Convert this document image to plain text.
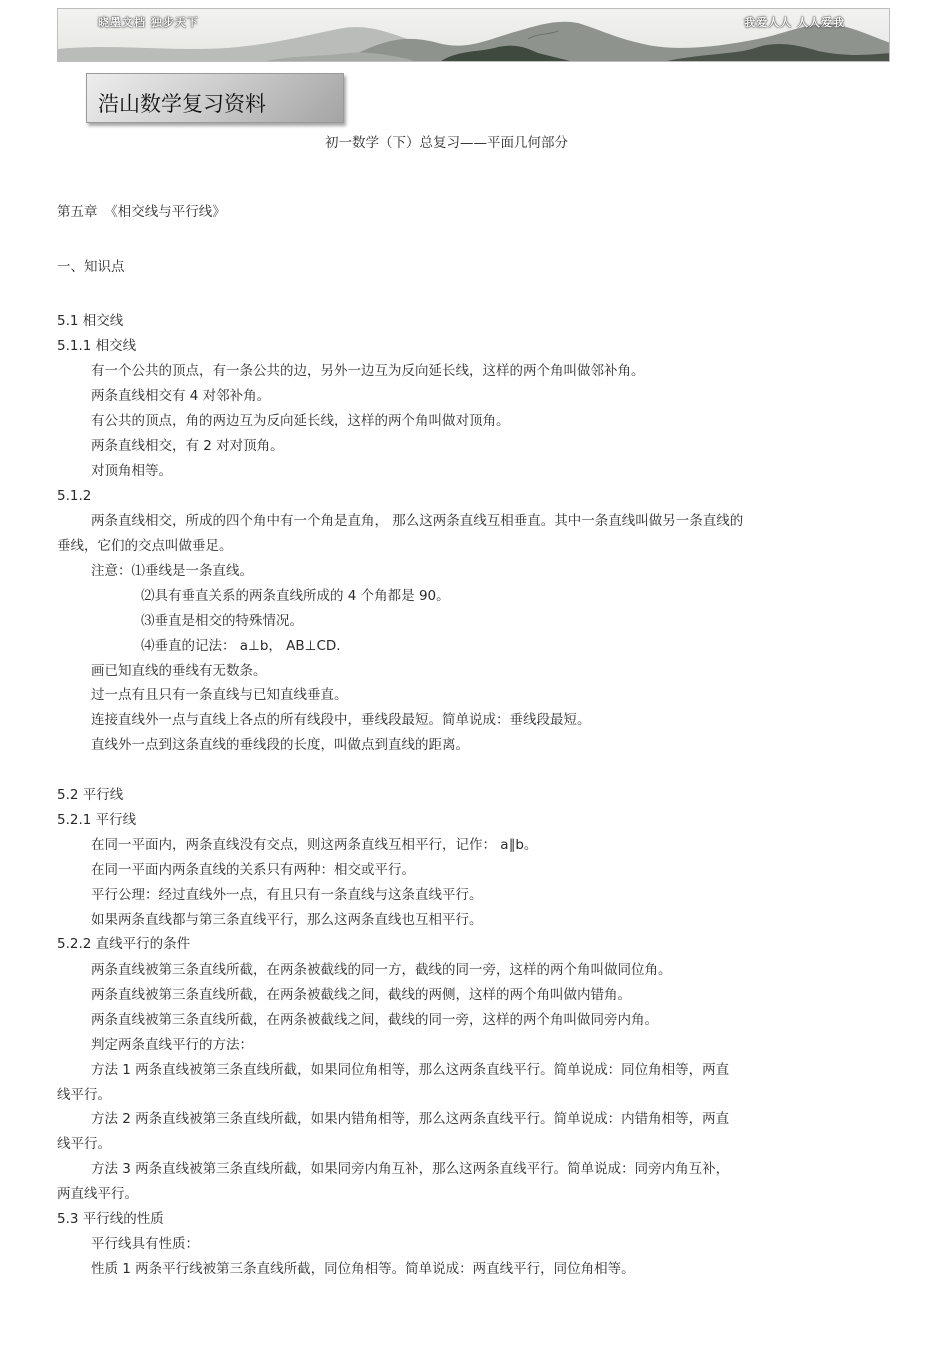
晓墨文档 独步天下	我爱人人 人人爱我
浩山数学复习资料
初一数学（下）总复习——平面几何部分
第五章　《相交线与平行线》
一、知识点
5.1 相交线
5.1.1 相交线
有一个公共的顶点，有一条公共的边，另外一边互为反向延长线，这样的两个角叫做邻补角。
两条直线相交有 4 对邻补角。
有公共的顶点，角的两边互为反向延长线，这样的两个角叫做对顶角。
两条直线相交，有 2 对对顶角。
对顶角相等。
5.1.2
两条直线相交，所成的四个角中有一个角是直角， 那么这两条直线互相垂直。其中一条直线叫做另一条直线的
垂线，它们的交点叫做垂足。
注意：⑴垂线是一条直线。
⑵具有垂直关系的两条直线所成的 4 个角都是 90。
⑶垂直是相交的特殊情况。
⑷垂直的记法： a⊥b， AB⊥CD.
画已知直线的垂线有无数条。
过一点有且只有一条直线与已知直线垂直。
连接直线外一点与直线上各点的所有线段中，垂线段最短。简单说成：垂线段最短。
直线外一点到这条直线的垂线段的长度，叫做点到直线的距离。
5.2 平行线
5.2.1 平行线
在同一平面内，两条直线没有交点，则这两条直线互相平行，记作： a∥b。
在同一平面内两条直线的关系只有两种：相交或平行。
平行公理：经过直线外一点，有且只有一条直线与这条直线平行。
如果两条直线都与第三条直线平行，那么这两条直线也互相平行。
5.2.2 直线平行的条件
两条直线被第三条直线所截，在两条被截线的同一方，截线的同一旁，这样的两个角叫做同位角。
两条直线被第三条直线所截，在两条被截线之间，截线的两侧，这样的两个角叫做内错角。
两条直线被第三条直线所截，在两条被截线之间，截线的同一旁，这样的两个角叫做同旁内角。
判定两条直线平行的方法：
方法 1 两条直线被第三条直线所截，如果同位角相等，那么这两条直线平行。简单说成：同位角相等，两直
线平行。
方法 2 两条直线被第三条直线所截，如果内错角相等，那么这两条直线平行。简单说成：内错角相等，两直
线平行。
方法 3 两条直线被第三条直线所截，如果同旁内角互补，那么这两条直线平行。简单说成：同旁内角互补，
两直线平行。
5.3 平行线的性质
平行线具有性质：
性质 1 两条平行线被第三条直线所截，同位角相等。简单说成：两直线平行，同位角相等。
